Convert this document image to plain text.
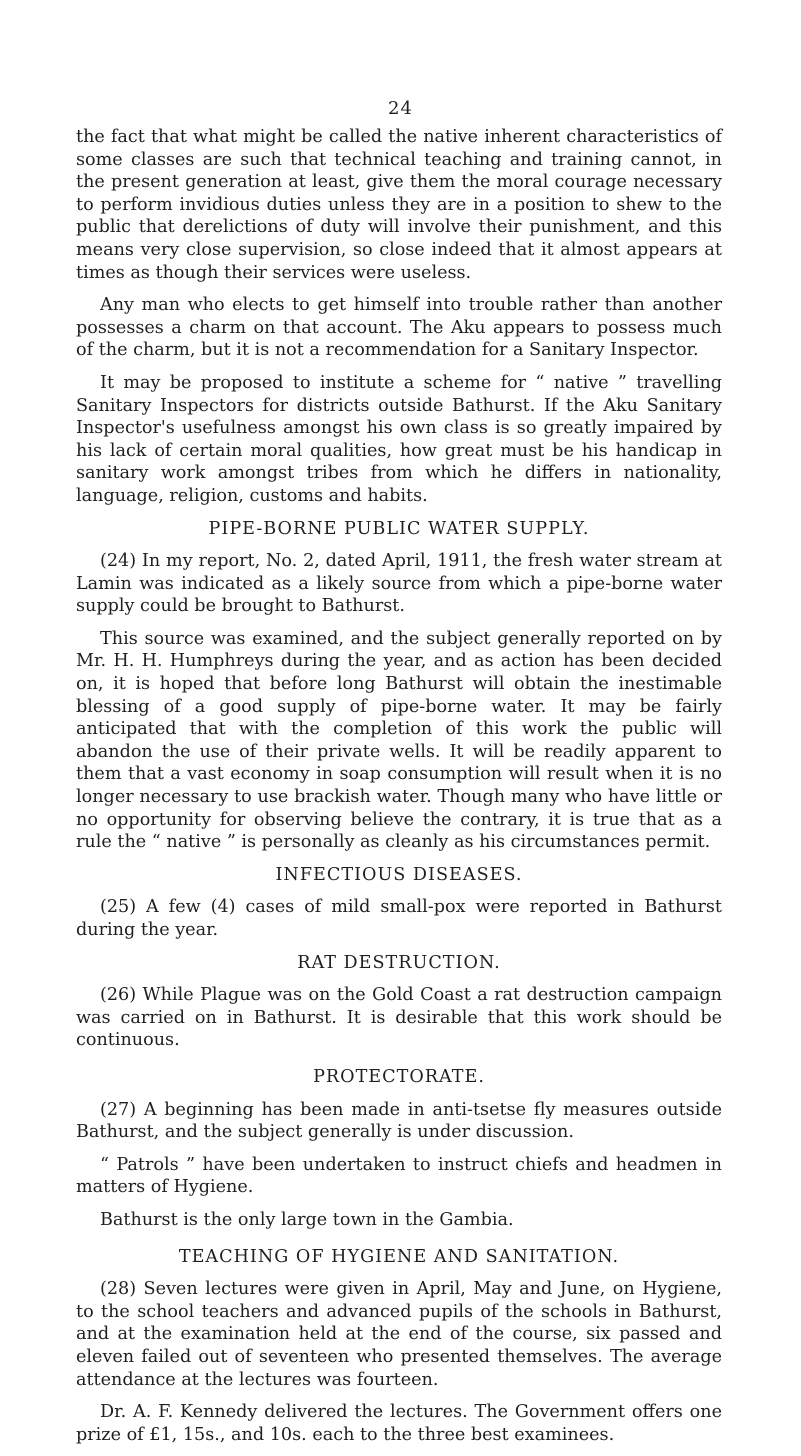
24

the fact that what might be called the native inherent characteristics of some classes are such that technical teaching and training cannot, in the present generation at least, give them the moral courage necessary to perform invidious duties unless they are in a position to shew to the public that derelictions of duty will involve their punishment, and this means very close supervision, so close indeed that it almost appears at times as though their services were useless.

Any man who elects to get himself into trouble rather than another possesses a charm on that account. The Aku appears to possess much of the charm, but it is not a recommendation for a Sanitary Inspector.

It may be proposed to institute a scheme for “ native ” travelling Sanitary Inspectors for districts outside Bathurst. If the Aku Sanitary Inspector's usefulness amongst his own class is so greatly impaired by his lack of certain moral qualities, how great must be his handicap in sanitary work amongst tribes from which he differs in nationality, language, religion, customs and habits.

PIPE-BORNE PUBLIC WATER SUPPLY.

(24) In my report, No. 2, dated April, 1911, the fresh water stream at Lamin was indicated as a likely source from which a pipe-borne water supply could be brought to Bathurst.

This source was examined, and the subject generally reported on by Mr. H. H. Humphreys during the year, and as action has been decided on, it is hoped that before long Bathurst will obtain the inestimable blessing of a good supply of pipe-borne water. It may be fairly anticipated that with the completion of this work the public will abandon the use of their private wells. It will be readily apparent to them that a vast economy in soap consumption will result when it is no longer necessary to use brackish water. Though many who have little or no opportunity for observing believe the contrary, it is true that as a rule the “ native ” is personally as cleanly as his circumstances permit.

INFECTIOUS DISEASES.

(25) A few (4) cases of mild small-pox were reported in Bathurst during the year.

RAT DESTRUCTION.

(26) While Plague was on the Gold Coast a rat destruction campaign was carried on in Bathurst. It is desirable that this work should be continuous.

PROTECTORATE.

(27) A beginning has been made in anti-tsetse fly measures outside Bathurst, and the subject generally is under discussion.

“ Patrols ” have been undertaken to instruct chiefs and headmen in matters of Hygiene.

Bathurst is the only large town in the Gambia.

TEACHING OF HYGIENE AND SANITATION.

(28) Seven lectures were given in April, May and June, on Hygiene, to the school teachers and advanced pupils of the schools in Bathurst, and at the examination held at the end of the course, six passed and eleven failed out of seventeen who presented themselves. The average attendance at the lectures was fourteen.

Dr. A. F. Kennedy delivered the lectures. The Government offers one prize of £1, 15s., and 10s. each to the three best examinees.
